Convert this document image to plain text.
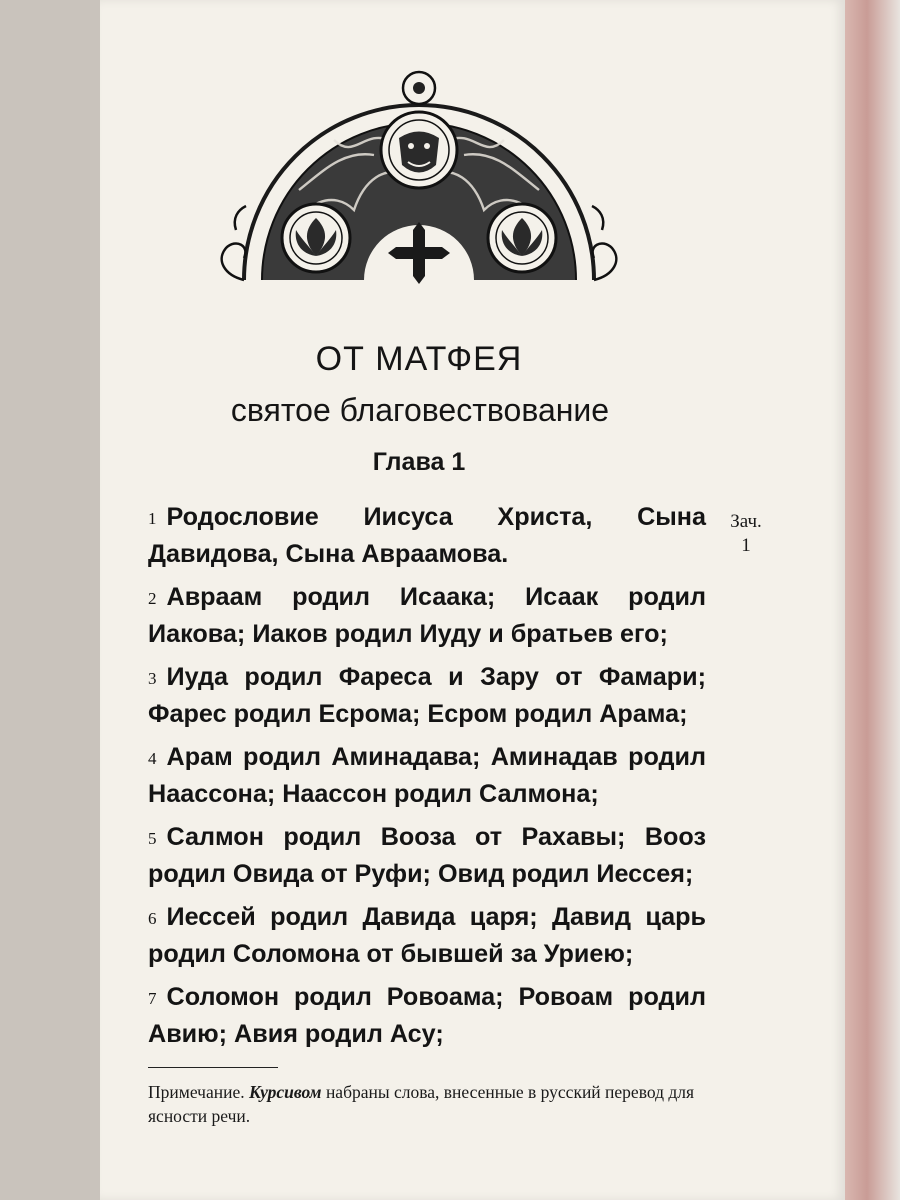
ОТ МАТФЕЯ
святое благовествование
Глава 1

1 Родословие Иисуса Христа, Сына Давидова, Сына Авраамова.

2 Авраам родил Исаака; Исаак родил Иакова; Иаков родил Иуду и братьев его;

3 Иуда родил Фареса и Зару от Фамари; Фарес родил Есрома; Есром родил Арама;

4 Арам родил Аминадава; Аминадав родил Наассона; Наассон родил Салмона;

5 Салмон родил Вооза от Рахавы; Вооз родил Овида от Руфи; Овид родил Иессея;

6 Иессей родил Давида царя; Давид царь родил Соломона от бывшей за Уриею;

7 Соломон родил Ровоама; Ровоам родил Авию; Авия родил Асу;

Зач.
1
Примечание. Курсивом набраны слова, внесенные в русский перевод для ясности речи.
